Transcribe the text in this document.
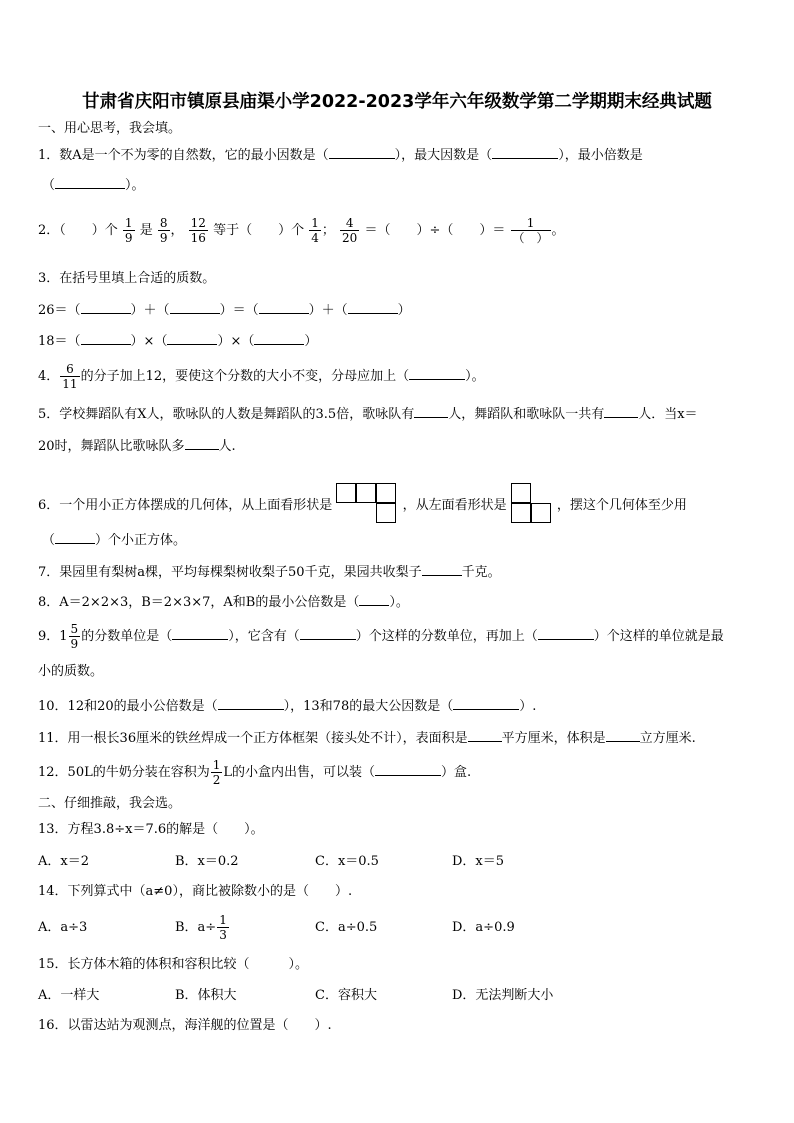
甘肃省庆阳市镇原县庙渠小学2022-2023学年六年级数学第二学期期末经典试题
一、用心思考，我会填。
1．数A是一个不为零的自然数，它的最小因数是（	），最大因数是（	），最小倍数是
（	）。
2．（　　）个 $\frac{1}{9}$ 是 $\frac{8}{9}$ ， $\frac{12}{16}$ 等于（　　）个 $\frac{1}{4}$ ； $\frac{4}{20}$ ＝（　　）÷（　　）＝ $\frac{1}{( )}$ 。
3．在括号里填上合适的质数。
26＝（	）＋（	）＝（	）＋（	）
18＝（	）×（	）×（	）
4． $\frac{6}{11}$ 的分子加上12，要使这个分数的大小不变，分母应加上（	）。
5．学校舞蹈队有X人，歌咏队的人数是舞蹈队的3.5倍，歌咏队有	人，舞蹈队和歌咏队一共有	人．当x＝
20时，舞蹈队比歌咏队多	人.
6．一个用小正方体摆成的几何体，从上面看形状是	，从左面看形状是	，摆这个几何体至少用
（	）个小正方体。
7．果园里有梨树a棵，平均每棵梨树收梨子50千克，果园共收梨子	千克。
8．A＝2×2×3，B＝2×3×7，A和B的最小公倍数是（ ）。
9．$1 \frac{5}{9}$ 的分数单位是（	），它含有（	）个这样的分数单位，再加上（	）个这样的单位就是最
小的质数。
10．12和20的最小公倍数是（	），13和78的最大公因数是（	）.
11．用一根长36厘米的铁丝焊成一个正方体框架（接头处不计），表面积是	平方厘米，体积是	立方厘米.
12．50L的牛奶分装在容积为 $\frac{1}{2}$ L的小盒内出售，可以装（	）盒.
二、仔细推敲，我会选。
13．方程3.8÷x＝7.6的解是（　　）。
A．x＝2	B．x＝0.2	C．x＝0.5	D．x＝5
14．下列算式中（a≠0），商比被除数小的是（　　）.
A．a÷3	B．$a\div \frac{1}{3}$	C．a÷0.5	D．a÷0.9
15．长方体木箱的体积和容积比较（　　　）。
A．一样大	B．体积大	C．容积大	D．无法判断大小
16．以雷达站为观测点，海洋舰的位置是（　　）.
